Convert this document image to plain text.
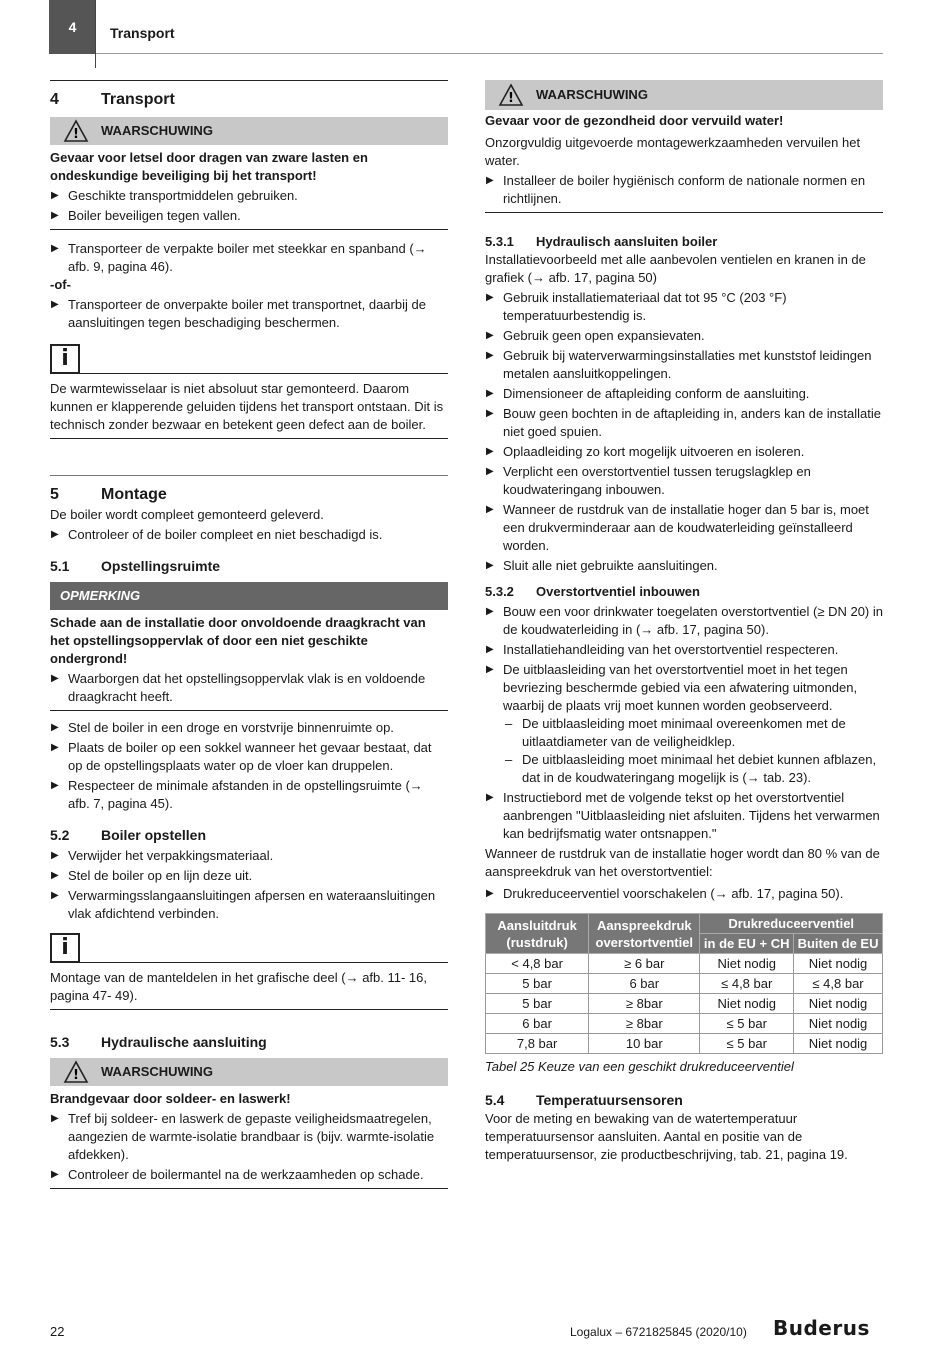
4	Transport
4	Transport
! WAARSCHUWING

Gevaar voor letsel door dragen van zware lasten en ondeskundige beveiliging bij het transport!

▶ Geschikte transportmiddelen gebruiken.
▶ Boiler beveiligen tegen vallen.
▶ Transporteer de verpakte boiler met steekkar en spanband (→ afb. 9, pagina 46).

-of-

▶ Transporteer de onverpakte boiler met transportnet, daarbij de aansluitingen tegen beschadiging beschermen.
i

De warmtewisselaar is niet absoluut star gemonteerd. Daarom kunnen er klapperende geluiden tijdens het transport ontstaan. Dit is technisch zonder bezwaar en betekent geen defect aan de boiler.

5	Montage

De boiler wordt compleet gemonteerd geleverd.

▶ Controleer of de boiler compleet en niet beschadigd is.
5.1	Opstellingsruimte
OPMERKING

Schade aan de installatie door onvoldoende draagkracht van het opstellingsoppervlak of door een niet geschikte ondergrond!

▶ Waarborgen dat het opstellingsoppervlak vlak is en voldoende draagkracht heeft.
▶ Stel de boiler in een droge en vorstvrije binnenruimte op.
▶ Plaats de boiler op een sokkel wanneer het gevaar bestaat, dat op de opstellingsplaats water op de vloer kan druppelen.
▶ Respecteer de minimale afstanden in de opstellingsruimte (→ afb. 7, pagina 45).
5.2	Boiler opstellen
▶ Verwijder het verpakkingsmateriaal.
▶ Stel de boiler op en lijn deze uit.
▶ Verwarmingsslangaansluitingen afpersen en wateraansluitingen vlak afdichtend verbinden.
i

Montage van de manteldelen in het grafische deel (→ afb. 11- 16, pagina 47- 49).

5.3	Hydraulische aansluiting
! WAARSCHUWING

Brandgevaar door soldeer- en laswerk!

▶ Tref bij soldeer- en laswerk de gepaste veiligheidsmaatregelen, aangezien de warmte-isolatie brandbaar is (bijv. warmte-isolatie afdekken).
▶ Controleer de boilermantel na de werkzaamheden op schade.
! WAARSCHUWING

Gevaar voor de gezondheid door vervuild water!

Onzorgvuldig uitgevoerde montagewerkzaamheden vervuilen het water.

▶ Installeer de boiler hygiënisch conform de nationale normen en richtlijnen.
5.3.1	Hydraulisch aansluiten boiler

Installatievoorbeeld met alle aanbevolen ventielen en kranen in de grafiek (→ afb. 17, pagina 50)

▶ Gebruik installatiemateriaal dat tot 95 °C (203 °F) temperatuurbestendig is.
▶ Gebruik geen open expansievaten.
▶ Gebruik bij waterverwarmingsinstallaties met kunststof leidingen metalen aansluitkoppelingen.
▶ Dimensioneer de aftapleiding conform de aansluiting.
▶ Bouw geen bochten in de aftapleiding in, anders kan de installatie niet goed spuien.
▶ Oplaadleiding zo kort mogelijk uitvoeren en isoleren.
▶ Verplicht een overstortventiel tussen terugslagklep en koudwateringang inbouwen.
▶ Wanneer de rustdruk van de installatie hoger dan 5 bar is, moet een drukverminderaar aan de koudwaterleiding geïnstalleerd worden.
▶ Sluit alle niet gebruikte aansluitingen.
5.3.2	Overstortventiel inbouwen
▶ Bouw een voor drinkwater toegelaten overstortventiel (≥ DN 20) in de koudwaterleiding in (→ afb. 17, pagina 50).
▶ Installatiehandleiding van het overstortventiel respecteren.
▶ De uitblaasleiding van het overstortventiel moet in het tegen bevriezing beschermde gebied via een afwatering uitmonden, waarbij de plaats vrij moet kunnen worden geobserveerd.
– De uitblaasleiding moet minimaal overeenkomen met de uitlaatdiameter van de veiligheidklep.
– De uitblaasleiding moet minimaal het debiet kunnen afblazen, dat in de koudwateringang mogelijk is (→ tab. 23).
▶ Instructiebord met de volgende tekst op het overstortventiel aanbrengen "Uitblaasleiding niet afsluiten. Tijdens het verwarmen kan bedrijfsmatig water ontsnappen."

Wanneer de rustdruk van de installatie hoger wordt dan 80 % van de aanspreekdruk van het overstortventiel:

▶ Drukreduceerventiel voorschakelen (→ afb. 17, pagina 50).
Aansluitdruk (rustdruk)	Aanspreekdruk overstortventiel	Drukreduceerventiel	
		in de EU + CH	Buiten de EU
< 4,8 bar	≥ 6 bar	Niet nodig	Niet nodig
5 bar	6 bar	≤ 4,8 bar	≤ 4,8 bar
5 bar	≥ 8bar	Niet nodig	Niet nodig
6 bar	≥ 8bar	≤ 5 bar	Niet nodig
7,8 bar	10 bar	≤ 5 bar	Niet nodig

Tabel 25 Keuze van een geschikt drukreduceerventiel

5.4	Temperatuursensoren

Voor de meting en bewaking van de watertemperatuur temperatuursensor aansluiten. Aantal en positie van de temperatuursensor, zie productbeschrijving, tab. 21, pagina 19.

22	Logalux – 6721825845 (2020/10) Buderus
